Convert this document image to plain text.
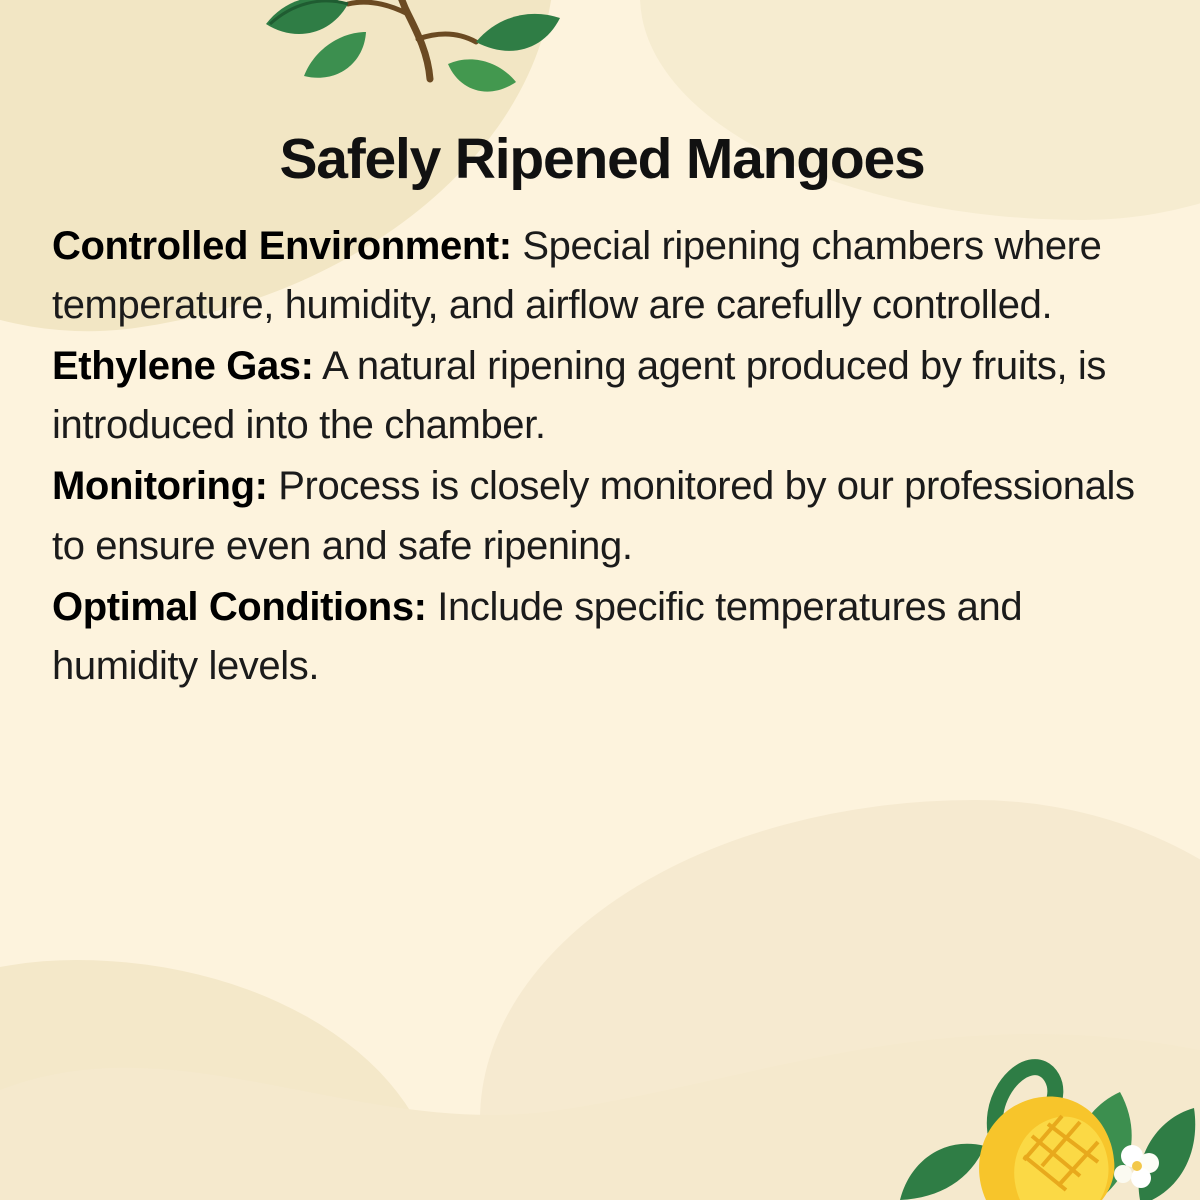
Safely Ripened Mangoes
Controlled Environment: Special ripening chambers where temperature, humidity, and airflow are carefully controlled.
Ethylene Gas: A natural ripening agent produced by fruits, is introduced into the chamber.
Monitoring: Process is closely monitored by our professionals to ensure even and safe ripening.
Optimal Conditions: Include specific temperatures and humidity levels.
